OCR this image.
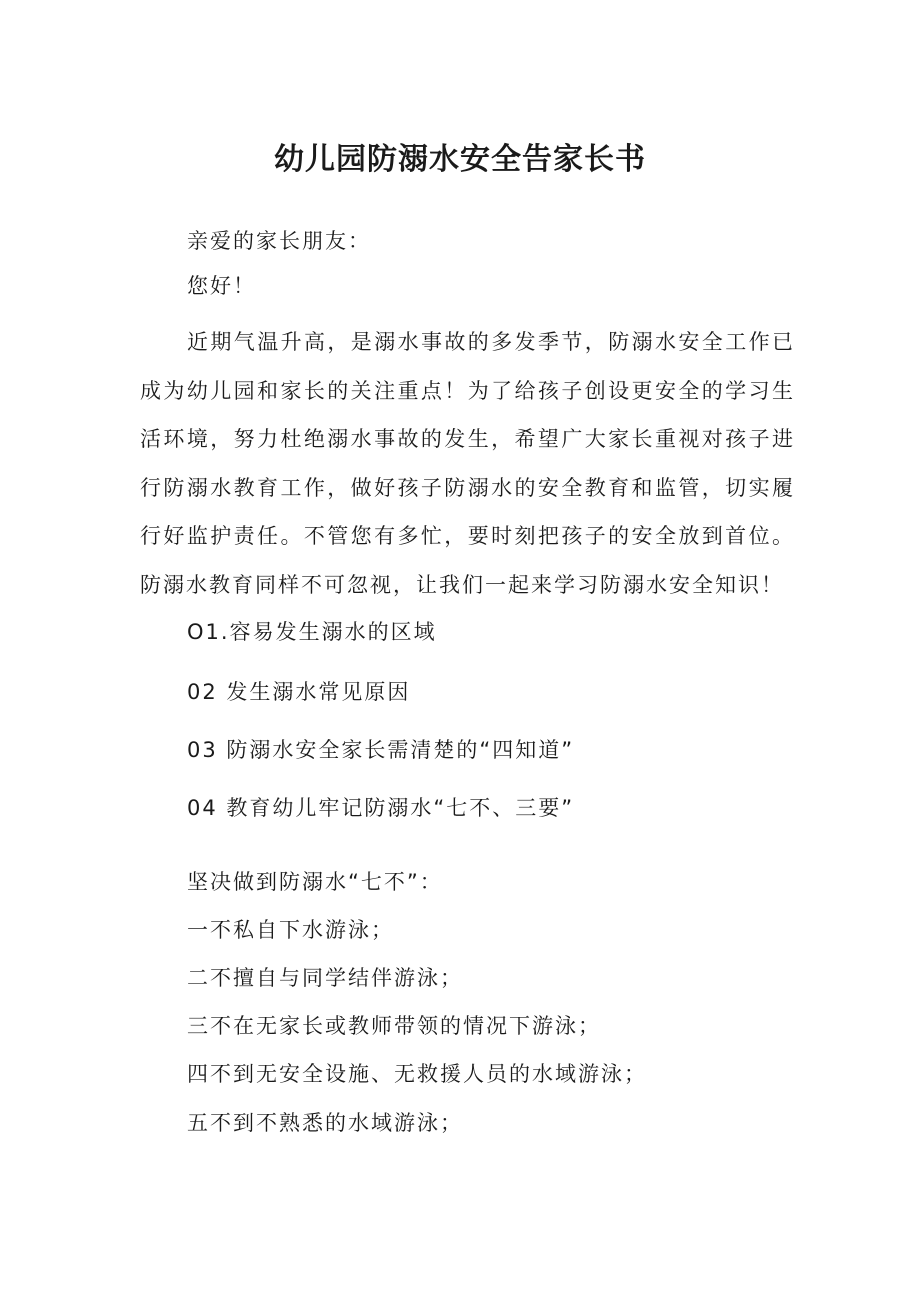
幼儿园防溺水安全告家长书

亲爱的家长朋友：

您好！

近期气温升高，是溺水事故的多发季节，防溺水安全工作已成为幼儿园和家长的关注重点！为了给孩子创设更安全的学习生活环境，努力杜绝溺水事故的发生，希望广大家长重视对孩子进行防溺水教育工作，做好孩子防溺水的安全教育和监管，切实履行好监护责任。不管您有多忙，要时刻把孩子的安全放到首位。防溺水教育同样不可忽视，让我们一起来学习防溺水安全知识！

O1.容易发生溺水的区域

02 发生溺水常见原因

03 防溺水安全家长需清楚的“四知道”

04 教育幼儿牢记防溺水“七不、三要”

坚决做到防溺水“七不”：

一不私自下水游泳；

二不擅自与同学结伴游泳；

三不在无家长或教师带领的情况下游泳；

四不到无安全设施、无救援人员的水域游泳；

五不到不熟悉的水域游泳；
